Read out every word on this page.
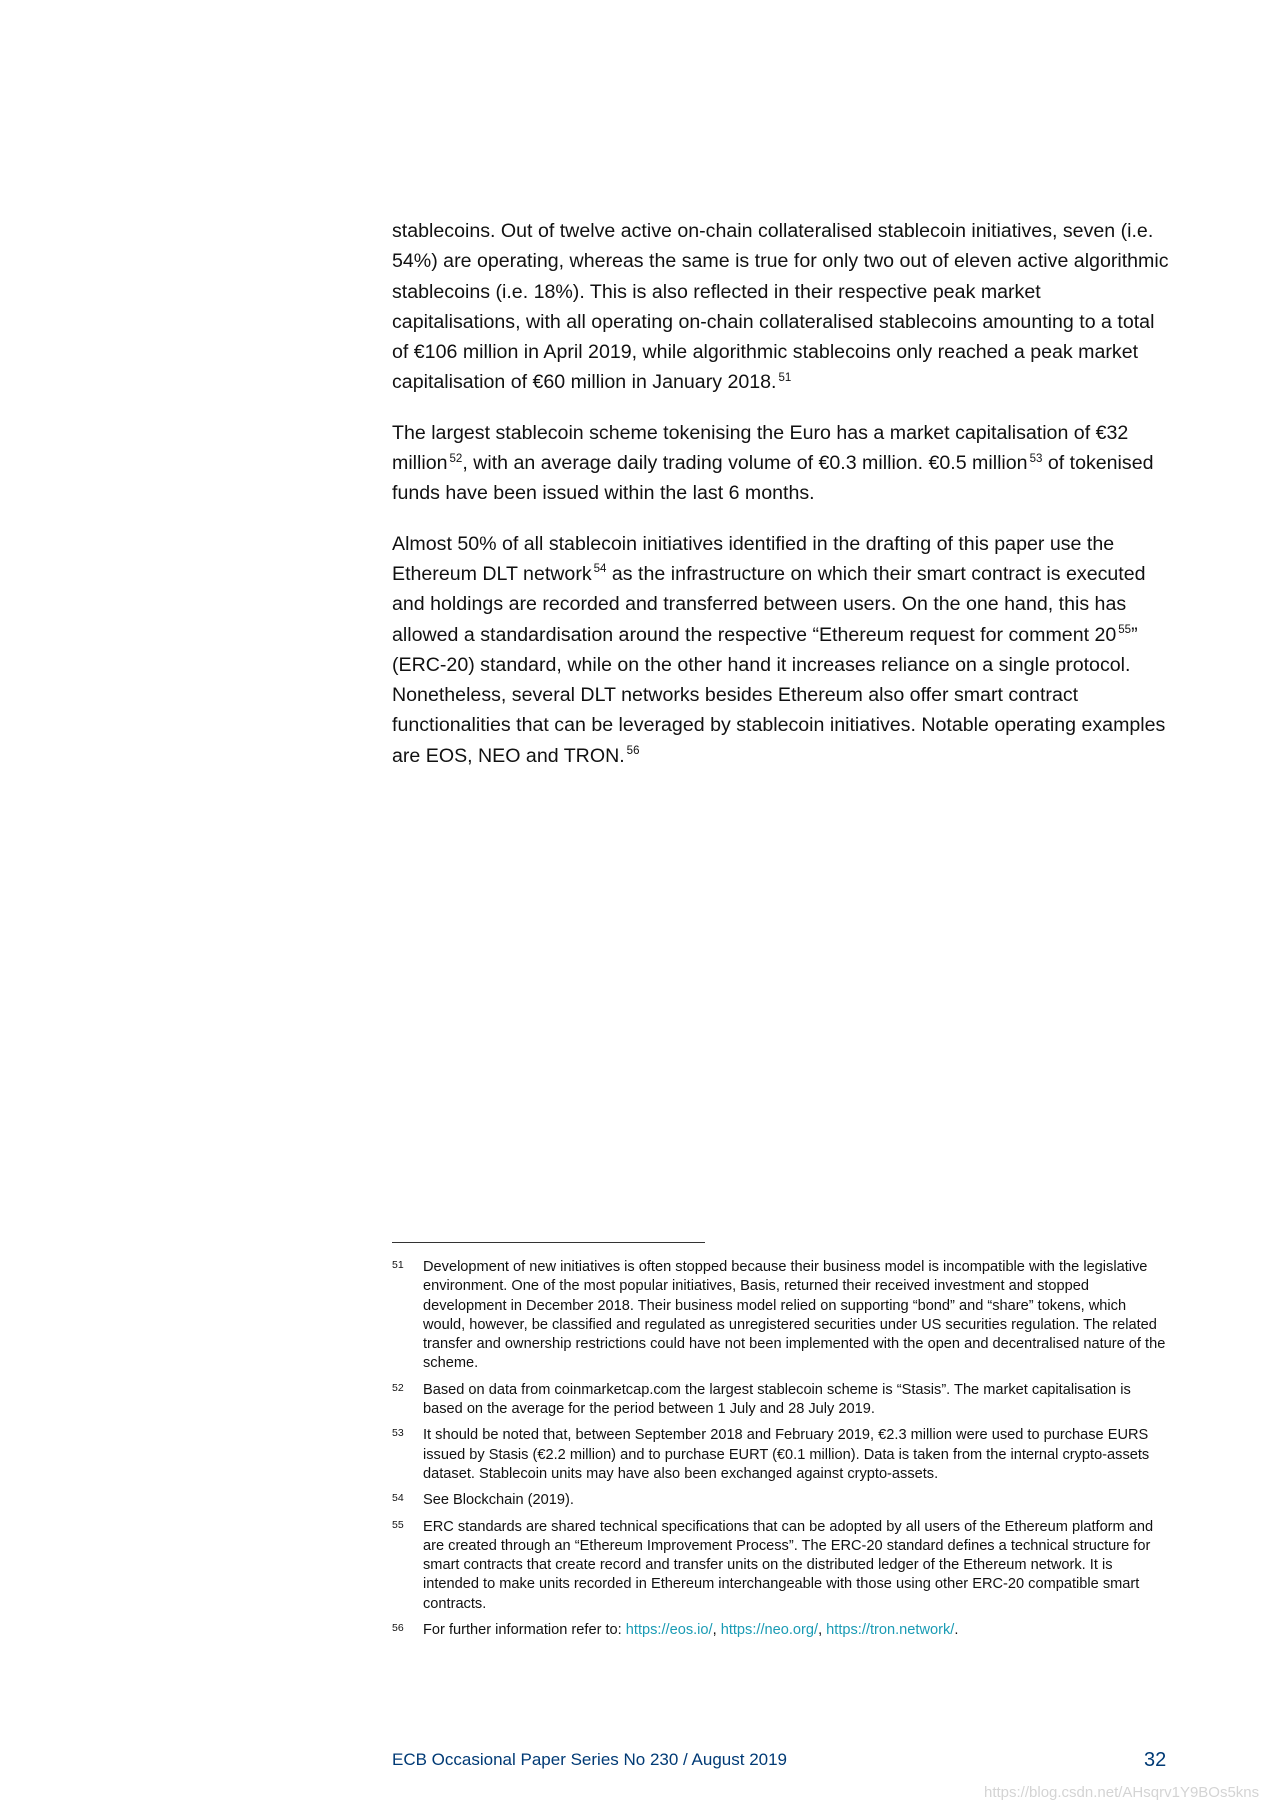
stablecoins. Out of twelve active on-chain collateralised stablecoin initiatives, seven (i.e. 54%) are operating, whereas the same is true for only two out of eleven active algorithmic stablecoins (i.e. 18%). This is also reflected in their respective peak market capitalisations, with all operating on-chain collateralised stablecoins amounting to a total of €106 million in April 2019, while algorithmic stablecoins only reached a peak market capitalisation of €60 million in January 2018. $^{51}$

The largest stablecoin scheme tokenising the Euro has a market capitalisation of €32 million $^{52}$, with an average daily trading volume of €0.3 million. €0.5 million $^{53}$ of tokenised funds have been issued within the last 6 months.

Almost 50% of all stablecoin initiatives identified in the drafting of this paper use the Ethereum DLT network $^{54}$ as the infrastructure on which their smart contract is executed and holdings are recorded and transferred between users. On the one hand, this has allowed a standardisation around the respective “Ethereum request for comment 20 $^{55}$” (ERC-20) standard, while on the other hand it increases reliance on a single protocol. Nonetheless, several DLT networks besides Ethereum also offer smart contract functionalities that can be leveraged by stablecoin initiatives. Notable operating examples are EOS, NEO and TRON. $^{56}$

51	Development of new initiatives is often stopped because their business model is incompatible with the legislative environment. One of the most popular initiatives, Basis, returned their received investment and stopped development in December 2018. Their business model relied on supporting “bond” and “share” tokens, which would, however, be classified and regulated as unregistered securities under US securities regulation. The related transfer and ownership restrictions could have not been implemented with the open and decentralised nature of the scheme.
52	Based on data from coinmarketcap.com the largest stablecoin scheme is “Stasis”. The market capitalisation is based on the average for the period between 1 July and 28 July 2019.
53	It should be noted that, between September 2018 and February 2019, €2.3 million were used to purchase EURS issued by Stasis (€2.2 million) and to purchase EURT (€0.1 million). Data is taken from the internal crypto-assets dataset. Stablecoin units may have also been exchanged against crypto-assets.
54	See Blockchain (2019).
55	ERC standards are shared technical specifications that can be adopted by all users of the Ethereum platform and are created through an “Ethereum Improvement Process”. The ERC-20 standard defines a technical structure for smart contracts that create record and transfer units on the distributed ledger of the Ethereum network. It is intended to make units recorded in Ethereum interchangeable with those using other ERC-20 compatible smart contracts.
56	For further information refer to: https://eos.io/, https://neo.org/, https://tron.network/.
ECB Occasional Paper Series No 230 / August 2019	32
https://blog.csdn.net/AHsqrv1Y9BOs5kns
